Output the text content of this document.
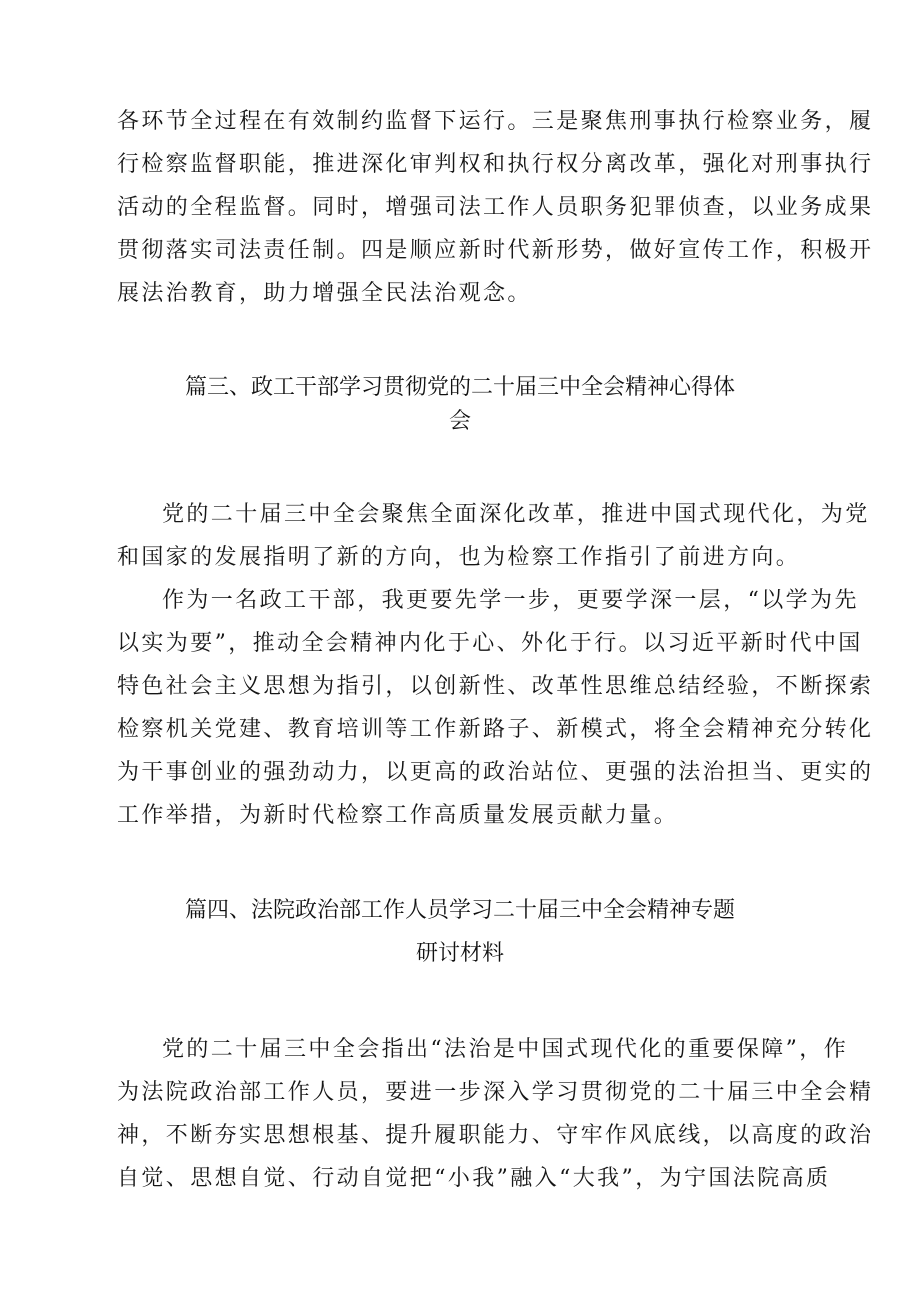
各环节全过程在有效制约监督下运行。三是聚焦刑事执行检察业务，履
行检察监督职能，推进深化审判权和执行权分离改革，强化对刑事执行
活动的全程监督。同时，增强司法工作人员职务犯罪侦查，以业务成果
贯彻落实司法责任制。四是顺应新时代新形势，做好宣传工作，积极开
展法治教育，助力增强全民法治观念。
篇三、政工干部学习贯彻党的二十届三中全会精神心得体
会
党的二十届三中全会聚焦全面深化改革，推进中国式现代化，为党
和国家的发展指明了新的方向，也为检察工作指引了前进方向。
作为一名政工干部，我更要先学一步，更要学深一层，“以学为先
以实为要”，推动全会精神内化于心、外化于行。以习近平新时代中国
特色社会主义思想为指引，以创新性、改革性思维总结经验，不断探索
检察机关党建、教育培训等工作新路子、新模式，将全会精神充分转化
为干事创业的强劲动力，以更高的政治站位、更强的法治担当、更实的
工作举措，为新时代检察工作高质量发展贡献力量。
篇四、法院政治部工作人员学习二十届三中全会精神专题
研讨材料
党的二十届三中全会指出“法治是中国式现代化的重要保障”，作
为法院政治部工作人员，要进一步深入学习贯彻党的二十届三中全会精
神，不断夯实思想根基、提升履职能力、守牢作风底线，以高度的政治
自觉、思想自觉、行动自觉把“小我”融入“大我”，为宁国法院高质
